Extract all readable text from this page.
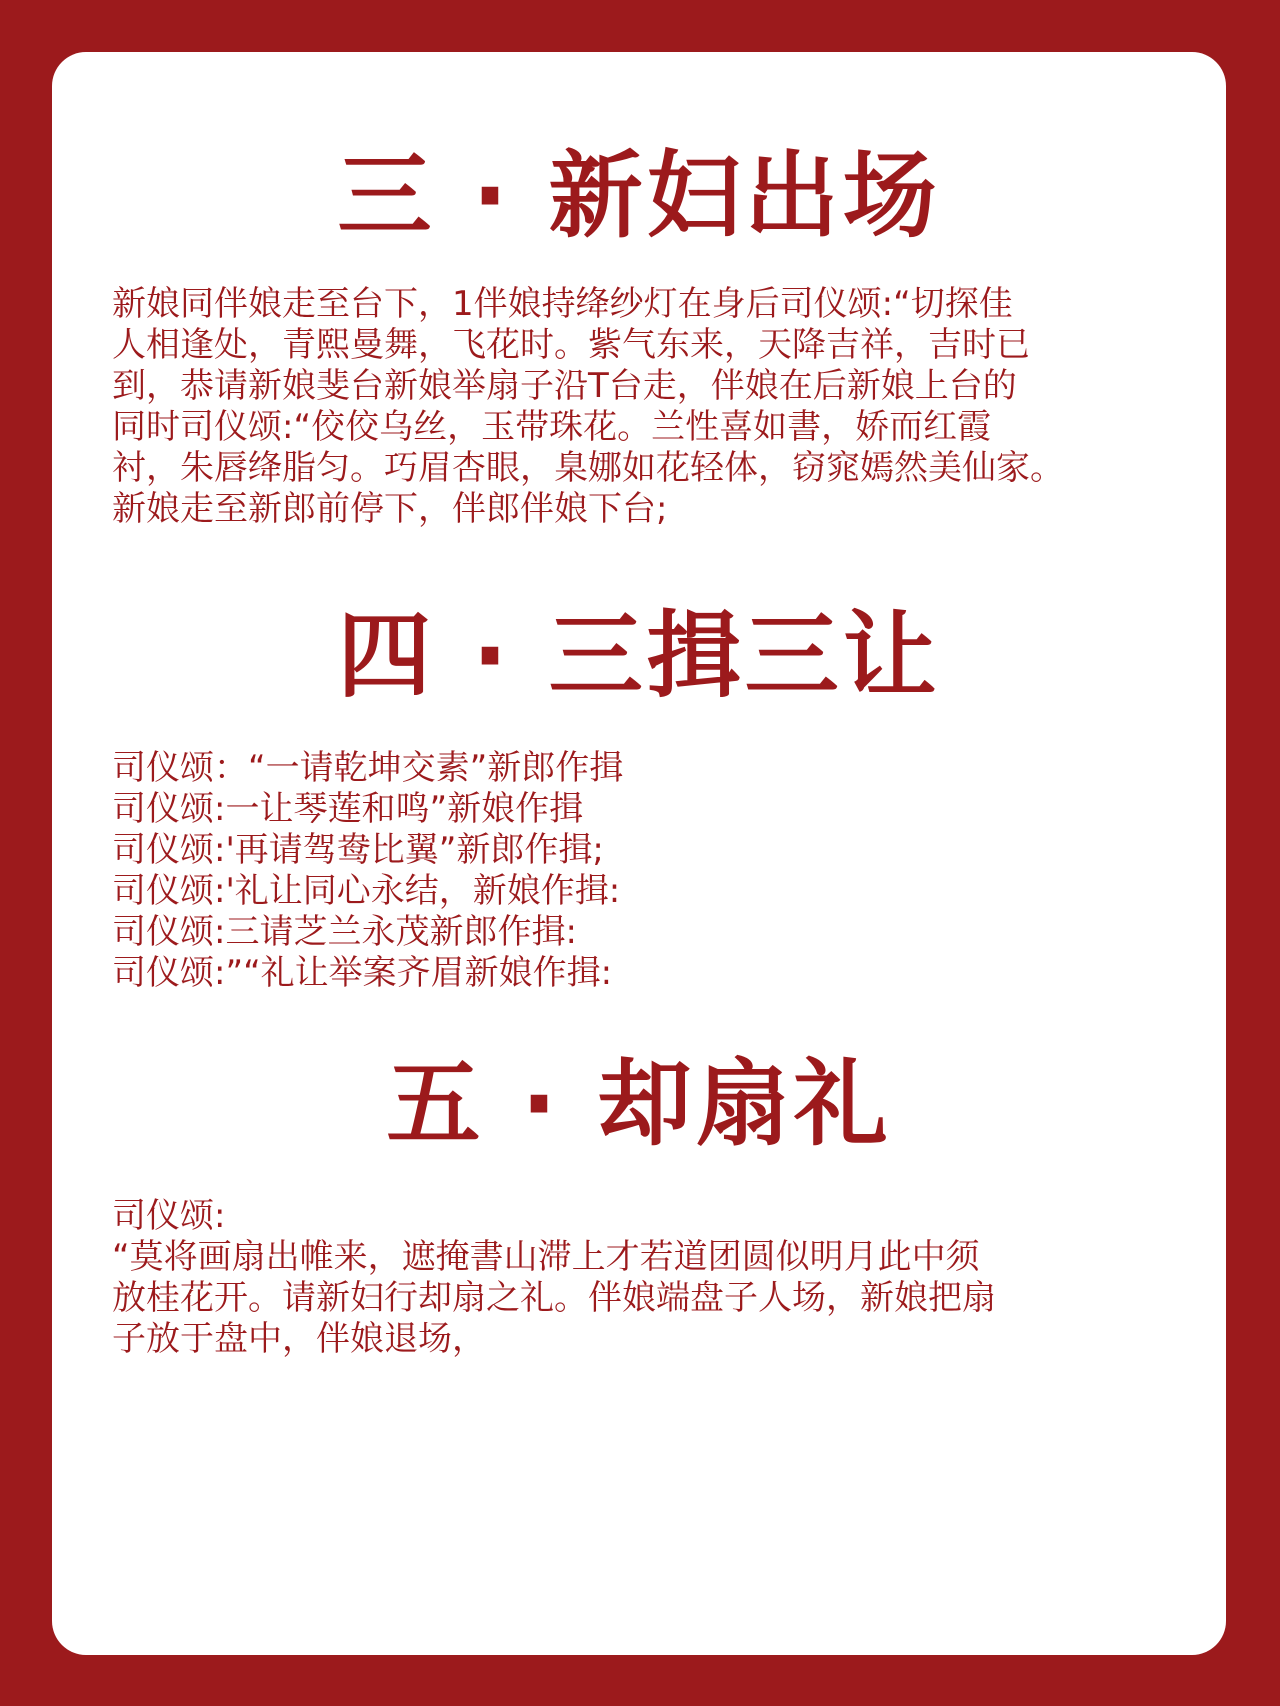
三 · 新妇出场
新娘同伴娘走至台下，1伴娘持绛纱灯在身后司仪颂:“切探佳
人相逢处，青熙曼舞，飞花时。紫气东来，天降吉祥，吉时已
到，恭请新娘斐台新娘举扇子沿T台走，伴娘在后新娘上台的
同时司仪颂:“佼佼乌丝，玉带珠花。兰性喜如書，娇而红霞
衬，朱唇绛脂匀。巧眉杏眼，臬娜如花轻体，窃窕嫣然美仙家。
新娘走至新郎前停下，伴郎伴娘下台;
四 · 三揖三让
司仪颂：“一请乾坤交素”新郎作揖
司仪颂:一让琴莲和鸣”新娘作揖
司仪颂:'再请驾鸯比翼”新郎作揖;
司仪颂:'礼让同心永结，新娘作揖:
司仪颂:三请芝兰永茂新郎作揖:
司仪颂:”“礼让举案齐眉新娘作揖:
五 · 却扇礼
司仪颂:
“莫将画扇出帷来，遮掩書山滞上才若道团圆似明月此中须
放桂花开。请新妇行却扇之礼。伴娘端盘子人场，新娘把扇
子放于盘中，伴娘退场，
